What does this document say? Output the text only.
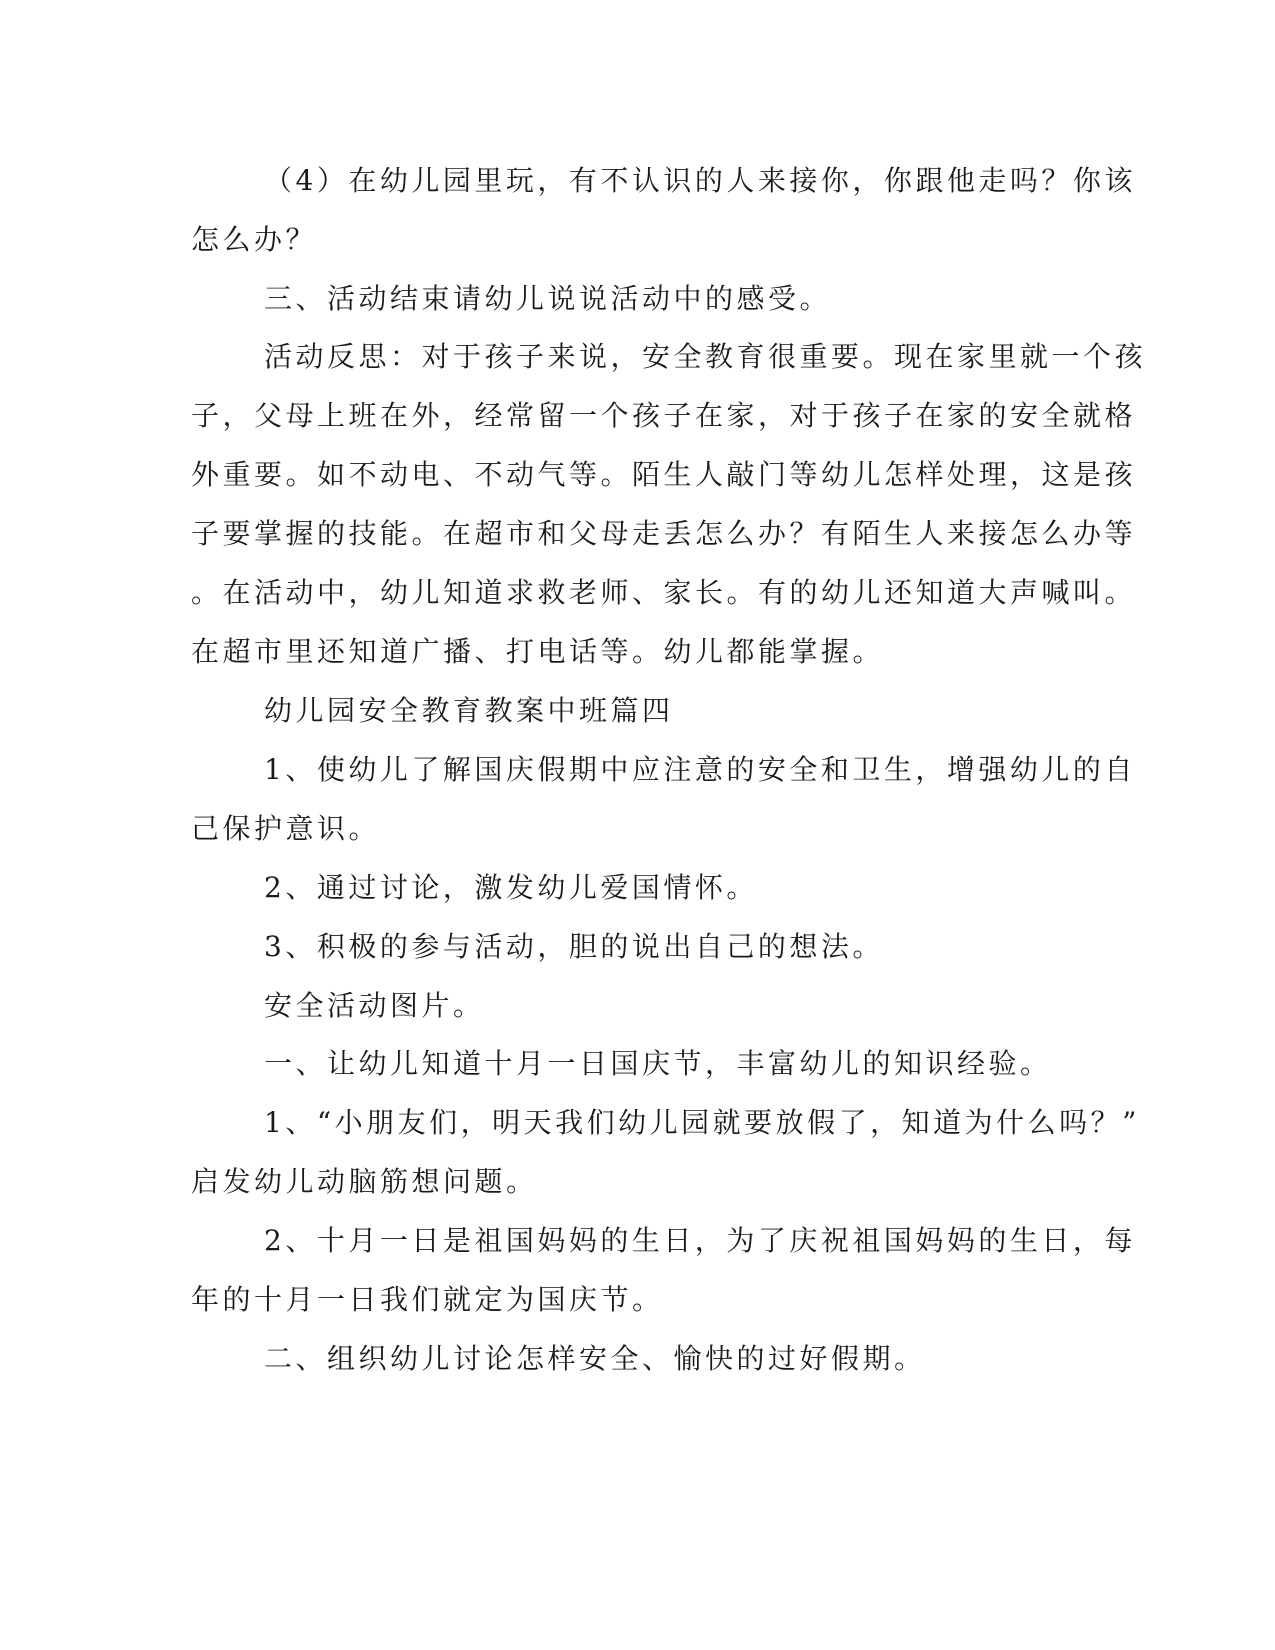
（4）在幼儿园里玩，有不认识的人来接你，你跟他走吗？你该
怎么办？
三、活动结束请幼儿说说活动中的感受。
活动反思：对于孩子来说，安全教育很重要。现在家里就一个孩
子，父母上班在外，经常留一个孩子在家，对于孩子在家的安全就格
外重要。如不动电、不动气等。陌生人敲门等幼儿怎样处理，这是孩
子要掌握的技能。在超市和父母走丢怎么办？有陌生人来接怎么办等
。在活动中，幼儿知道求救老师、家长。有的幼儿还知道大声喊叫。
在超市里还知道广播、打电话等。幼儿都能掌握。
幼儿园安全教育教案中班篇四
1、使幼儿了解国庆假期中应注意的安全和卫生，增强幼儿的自
己保护意识。
2、通过讨论，激发幼儿爱国情怀。
3、积极的参与活动，胆的说出自己的想法。
安全活动图片。
一、让幼儿知道十月一日国庆节，丰富幼儿的知识经验。
1、“小朋友们，明天我们幼儿园就要放假了，知道为什么吗？”
启发幼儿动脑筋想问题。
2、十月一日是祖国妈妈的生日，为了庆祝祖国妈妈的生日，每
年的十月一日我们就定为国庆节。
二、组织幼儿讨论怎样安全、愉快的过好假期。
